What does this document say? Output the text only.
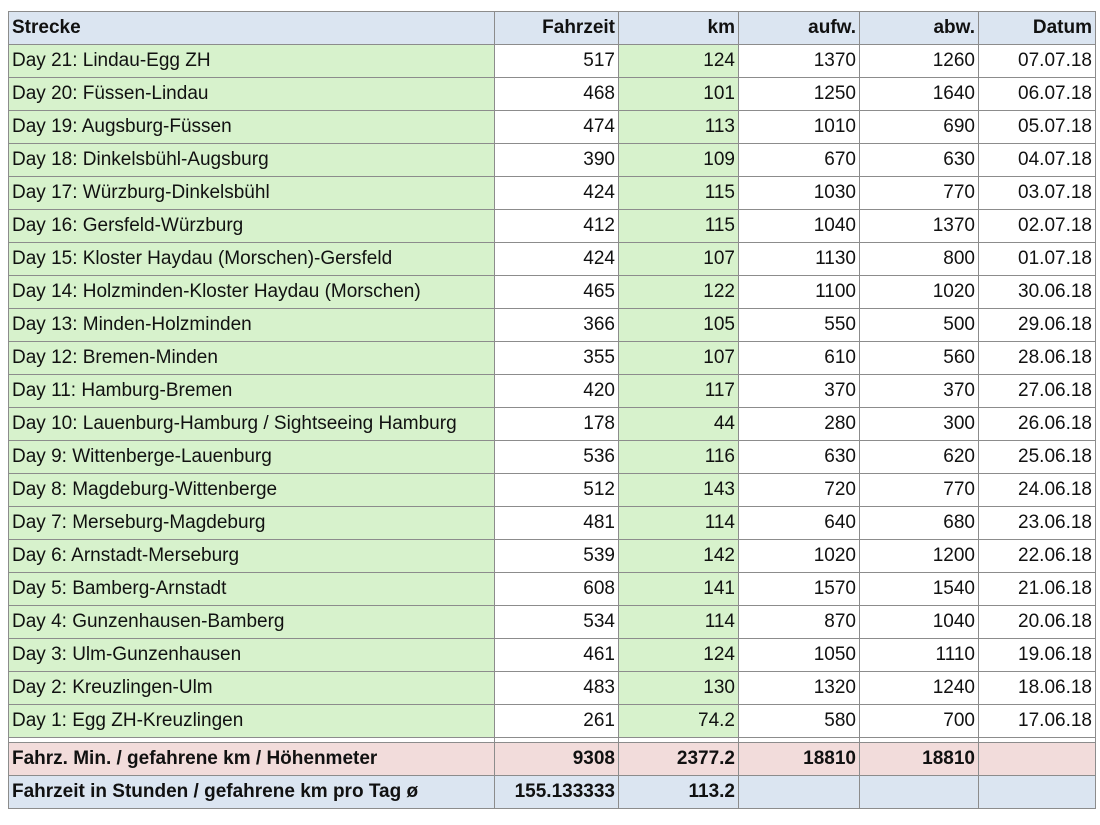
Strecke	Fahrzeit	km	aufw.	abw.	Datum
Day 21: Lindau-Egg ZH	517	124	1370	1260	07.07.18
Day 20: Füssen-Lindau	468	101	1250	1640	06.07.18
Day 19: Augsburg-Füssen	474	113	1010	690	05.07.18
Day 18: Dinkelsbühl-Augsburg	390	109	670	630	04.07.18
Day 17: Würzburg-Dinkelsbühl	424	115	1030	770	03.07.18
Day 16: Gersfeld-Würzburg	412	115	1040	1370	02.07.18
Day 15: Kloster Haydau (Morschen)-Gersfeld	424	107	1130	800	01.07.18
Day 14: Holzminden-Kloster Haydau (Morschen)	465	122	1100	1020	30.06.18
Day 13: Minden-Holzminden	366	105	550	500	29.06.18
Day 12: Bremen-Minden	355	107	610	560	28.06.18
Day 11: Hamburg-Bremen	420	117	370	370	27.06.18
Day 10: Lauenburg-Hamburg / Sightseeing Hamburg	178	44	280	300	26.06.18
Day 9: Wittenberge-Lauenburg	536	116	630	620	25.06.18
Day 8: Magdeburg-Wittenberge	512	143	720	770	24.06.18
Day 7: Merseburg-Magdeburg	481	114	640	680	23.06.18
Day 6: Arnstadt-Merseburg	539	142	1020	1200	22.06.18
Day 5: Bamberg-Arnstadt	608	141	1570	1540	21.06.18
Day 4: Gunzenhausen-Bamberg	534	114	870	1040	20.06.18
Day 3: Ulm-Gunzenhausen	461	124	1050	1110	19.06.18
Day 2: Kreuzlingen-Ulm	483	130	1320	1240	18.06.18
Day 1: Egg ZH-Kreuzlingen	261	74.2	580	700	17.06.18

Fahrz. Min. / gefahrene km / Höhenmeter	9308	2377.2	18810	18810	
Fahrzeit in Stunden / gefahrene km pro Tag ø	155.133333	113.2			
